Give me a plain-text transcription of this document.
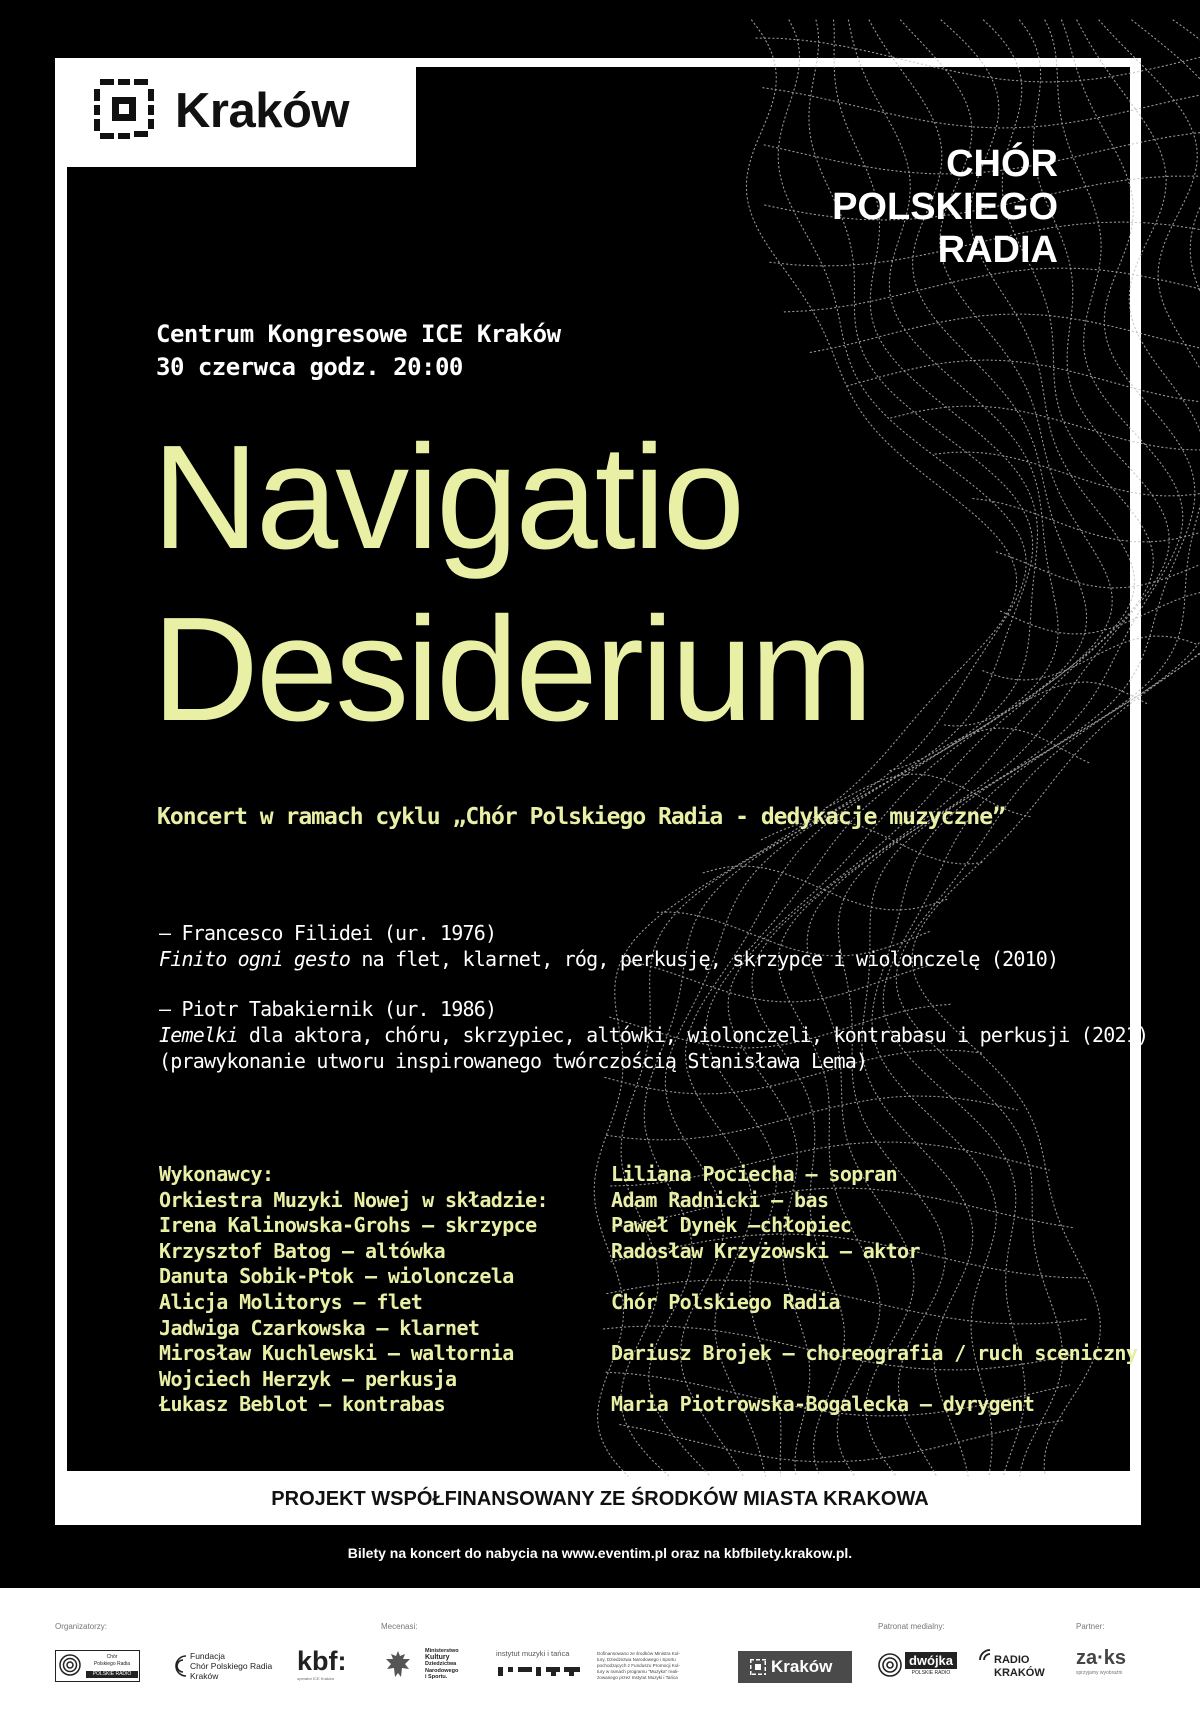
Kraków
CHÓR
POLSKIEGO
RADIA
Centrum Kongresowe ICE Kraków
30 czerwca godz. 20:00
Navigatio
Desiderium
Koncert w ramach cyklu „Chór Polskiego Radia - dedykacje muzyczne”
— Francesco Filidei (ur. 1976)
Finito ogni gesto na flet, klarnet, róg, perkusję, skrzypce i wiolonczelę (2010)
— Piotr Tabakiernik (ur. 1986)
Iemelki dla aktora, chóru, skrzypiec, altówki, wiolonczeli, kontrabasu i perkusji (2021)
(prawykonanie utworu inspirowanego twórczością Stanisława Lema)
Wykonawcy:
Orkiestra Muzyki Nowej w składzie:
Irena Kalinowska-Grohs — skrzypce
Krzysztof Batog — altówka
Danuta Sobik-Ptok — wiolonczela
Alicja Molitorys — flet
Jadwiga Czarkowska — klarnet
Mirosław Kuchlewski — waltornia
Wojciech Herzyk — perkusja
Łukasz Beblot — kontrabas
Liliana Pociecha — sopran
Adam Radnicki — bas
Paweł Dynek —chłopiec
Radosław Krzyżowski — aktor
Chór Polskiego Radia
Dariusz Brojek — choreografia / ruch sceniczny
Maria Piotrowska-Bogalecka — dyrygent
PROJEKT WSPÓŁFINANSOWANY ZE ŚRODKÓW MIASTA KRAKOWA
Bilety na koncert do nabycia na www.eventim.pl oraz na kbfbilety.krakow.pl.
Organizatorzy:	Mecenasi:	Patronat medialny:	Partner:
Chór
Polskiego Radia
POLSKIE RADIO
Fundacja
Chór Polskiego Radia
Kraków	kbf:
operator ICE Kraków
Ministerstwo
Kultury
Dziedzictwa
Narodowego
i Sportu.
instytut muzyki i tańca	Dofinansowano ze środków Ministra Kul-
tury, Dziedzictwa Narodowego i Sportu
pochodzących z Funduszu Promocji Kul-
tury w ramach programu "Muzyka" reali-
zowanego przez Instytut Muzyki i Tańca
Kraków	dwójka
POLSKIE RADIO
RADIO
KRAKÓW
za·ks
sprzyjamy wyobraźni
